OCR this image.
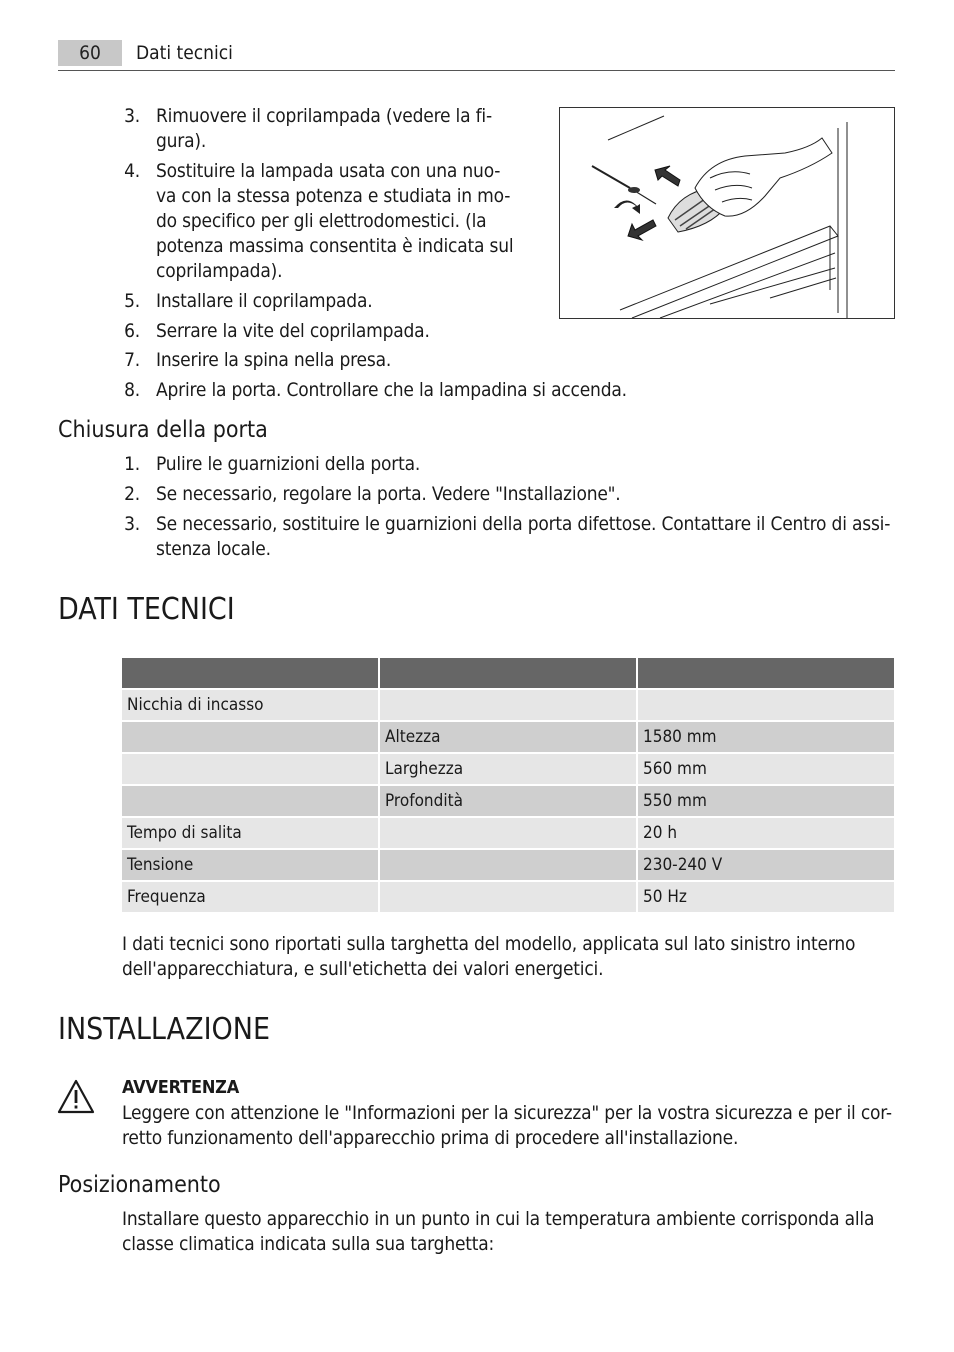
60	Dati tecnici
3. Rimuovere il coprilampada (vedere la fi-
gura).
4. Sostituire la lampada usata con una nuo-
va con la stessa potenza e studiata in mo-
do specifico per gli elettrodomestici. (la
potenza massima consentita è indicata sul
coprilampada).
5. Installare il coprilampada.
6. Serrare la vite del coprilampada.
7. Inserire la spina nella presa.
8. Aprire la porta. Controllare che la lampadina si accenda.
Chiusura della porta
1. Pulire le guarnizioni della porta.
2. Se necessario, regolare la porta. Vedere "Installazione".
3. Se necessario, sostituire le guarnizioni della porta difettose. Contattare il Centro di assi-
stenza locale.
DATI TECNICI

Nicchia di incasso		
	Altezza	1580 mm
	Larghezza	560 mm
	Profondità	550 mm
Tempo di salita		20 h
Tensione		230-240 V
Frequenza		50 Hz
I dati tecnici sono riportati sulla targhetta del modello, applicata sul lato sinistro interno
dell'apparecchiatura, e sull'etichetta dei valori energetici.
INSTALLAZIONE
AVVERTENZA
Leggere con attenzione le "Informazioni per la sicurezza" per la vostra sicurezza e per il cor-
retto funzionamento dell'apparecchio prima di procedere all'installazione.
Posizionamento
Installare questo apparecchio in un punto in cui la temperatura ambiente corrisponda alla
classe climatica indicata sulla sua targhetta:
